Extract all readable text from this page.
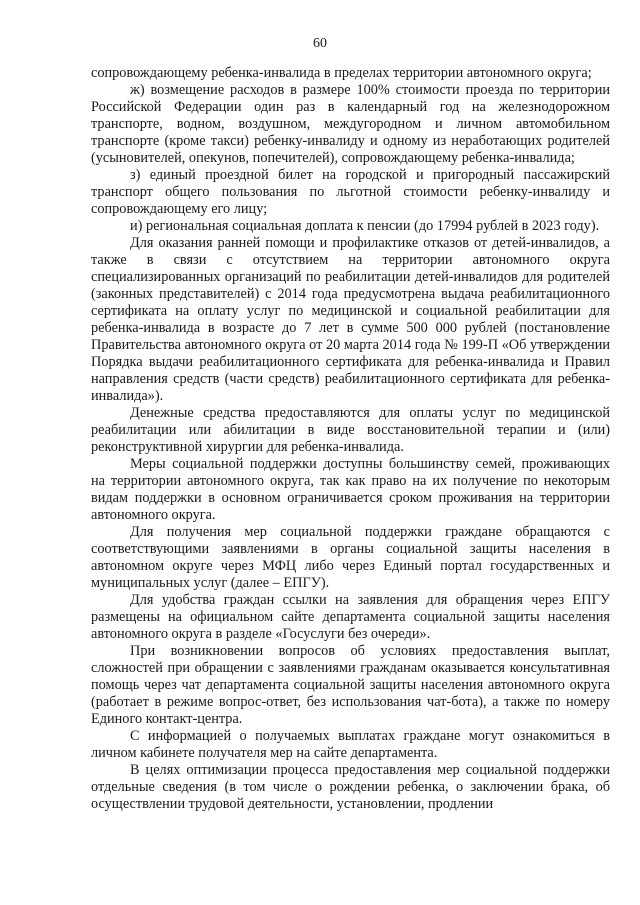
60

сопровождающему ребенка-инвалида в пределах территории автономного округа;

ж) возмещение расходов в размере 100% стоимости проезда по территории Российской Федерации один раз в календарный год на железнодорожном транспорте, водном, воздушном, междугородном и личном автомобильном транспорте (кроме такси) ребенку-инвалиду и одному из неработающих родителей (усыновителей, опекунов, попечителей), сопровождающему ребенка-инвалида;

з) единый проездной билет на городской и пригородный пассажирский транспорт общего пользования по льготной стоимости ребенку-инвалиду и сопровождающему его лицу;

и) региональная социальная доплата к пенсии (до 17994 рублей в 2023 году).

Для оказания ранней помощи и профилактике отказов от детей-инвалидов, а также в связи с отсутствием на территории автономного округа специализированных организаций по реабилитации детей-инвалидов для родителей (законных представителей) с 2014 года предусмотрена выдача реабилитационного сертификата на оплату услуг по медицинской и социальной реабилитации для ребенка-инвалида в возрасте до 7 лет в сумме 500 000 рублей (постановление Правительства автономного округа от 20 марта 2014 года № 199-П «Об утверждении Порядка выдачи реабилитационного сертификата для ребенка-инвалида и Правил направления средств (части средств) реабилитационного сертификата для ребенка-инвалида»).

Денежные средства предоставляются для оплаты услуг по медицинской реабилитации или абилитации в виде восстановительной терапии и (или) реконструктивной хирургии для ребенка-инвалида.

Меры социальной поддержки доступны большинству семей, проживающих на территории автономного округа, так как право на их получение по некоторым видам поддержки в основном ограничивается сроком проживания на территории автономного округа.

Для получения мер социальной поддержки граждане обращаются с соответствующими заявлениями в органы социальной защиты населения в автономном округе через МФЦ либо через Единый портал государственных и муниципальных услуг (далее – ЕПГУ).

Для удобства граждан ссылки на заявления для обращения через ЕПГУ размещены на официальном сайте департамента социальной защиты населения автономного округа в разделе «Госуслуги без очереди».

При возникновении вопросов об условиях предоставления выплат, сложностей при обращении с заявлениями гражданам оказывается консультативная помощь через чат департамента социальной защиты населения автономного округа (работает в режиме вопрос-ответ, без использования чат-бота), а также по номеру Единого контакт-центра.

С информацией о получаемых выплатах граждане могут ознакомиться в личном кабинете получателя мер на сайте департамента.

В целях оптимизации процесса предоставления мер социальной поддержки отдельные сведения (в том числе о рождении ребенка, о заключении брака, об осуществлении трудовой деятельности, установлении, продлении
